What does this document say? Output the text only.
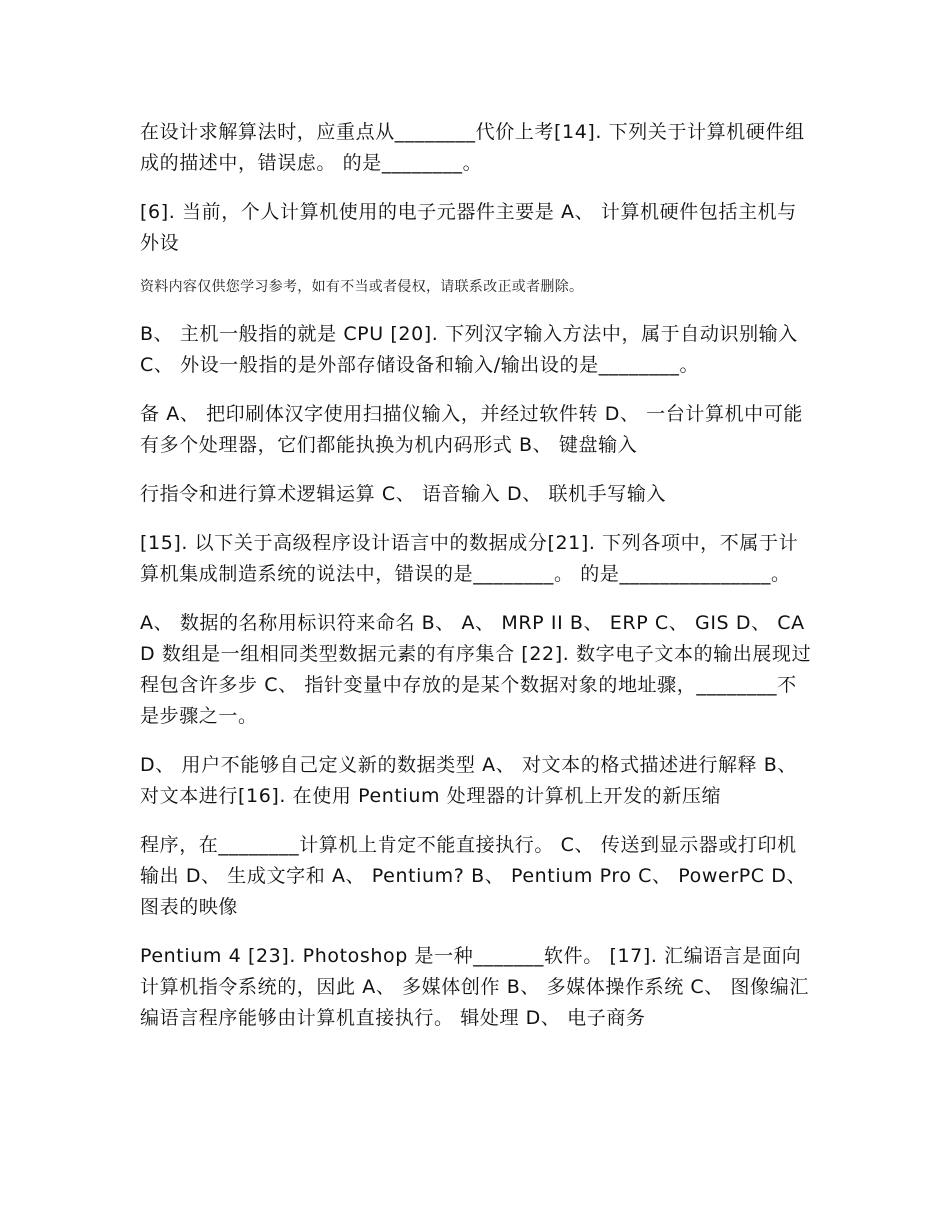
在设计求解算法时，应重点从________代价上考[14]. 下列关于计算机硬件组成的描述中，错误虑。 的是________。

[6]. 当前，个人计算机使用的电子元器件主要是 A、 计算机硬件包括主机与外设

资料内容仅供您学习参考，如有不当或者侵权，请联系改正或者删除。

B、 主机一般指的就是 CPU [20]. 下列汉字输入方法中，属于自动识别输入 C、 外设一般指的是外部存储设备和输入/输出设的是________。

备 A、 把印刷体汉字使用扫描仪输入，并经过软件转 D、 一台计算机中可能有多个处理器，它们都能执换为机内码形式 B、 键盘输入

行指令和进行算术逻辑运算 C、 语音输入 D、 联机手写输入

[15]. 以下关于高级程序设计语言中的数据成分[21]. 下列各项中，不属于计算机集成制造系统的说法中，错误的是________。 的是_______________。

A、 数据的名称用标识符来命名 B、 A、 MRP II B、 ERP C、 GIS D、 CAD 数组是一组相同类型数据元素的有序集合 [22]. 数字电子文本的输出展现过程包含许多步 C、 指针变量中存放的是某个数据对象的地址骤，________不是步骤之一。

D、 用户不能够自己定义新的数据类型 A、 对文本的格式描述进行解释 B、 对文本进行[16]. 在使用 Pentium 处理器的计算机上开发的新压缩

程序，在________计算机上肯定不能直接执行。 C、 传送到显示器或打印机输出 D、 生成文字和 A、 Pentium? B、 Pentium Pro C、 PowerPC D、 图表的映像

Pentium 4 [23]. Photoshop 是一种_______软件。 [17]. 汇编语言是面向计算机指令系统的，因此 A、 多媒体创作 B、 多媒体操作系统 C、 图像编汇编语言程序能够由计算机直接执行。 辑处理 D、 电子商务
